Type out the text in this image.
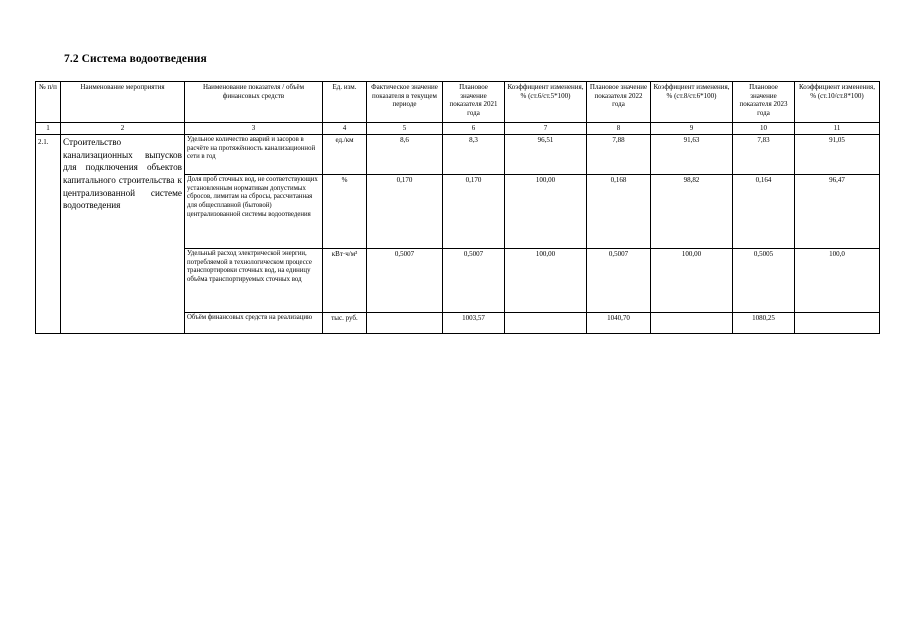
7.2 Система водоотведения
№ п/п	Наименование мероприятия	Наименование показателя / объём финансовых средств	Ед. изм.	Фактическое значение показателя в текущем периоде	Плановое значение показателя 2021 года	Коэффициент изменения, % (ст.6/ст.5*100)	Плановое значение показателя 2022 года	Коэффициент изменения, % (ст.8/ст.6*100)	Плановое значение показателя 2023 года	Коэффициент изменения, % (ст.10/ст.8*100)
1	2	3	4	5	6	7	8	9	10	11
2.1.	Строительство канализационных выпусков для подключения объектов капитального строительства к централизованной системе водоотведения	Удельное количество аварий и засоров в расчёте на протяжённость канализационной сети в год	ед./км	8,6	8,3	96,51	7,88	91,63	7,83	91,05
		Доля проб сточных вод, не соответствующих установленным нормативам допустимых сбросов, лимитам на сбросы, рассчитанная для общесплавной (бытовой) централизованной системы водоотведения	%	0,170	0,170	100,00	0,168	98,82	0,164	96,47
		Удельный расход электрической энергии, потребляемой в технологическом процессе транспортировки сточных вод, на единицу объёма транспортируемых сточных вод	кВт·ч/м³	0,5007	0,5007	100,00	0,5007	100,00	0,5005	100,0
		Объём финансовых средств на реализацию	тыс. руб.		1003,57		1040,70		1080,25	
